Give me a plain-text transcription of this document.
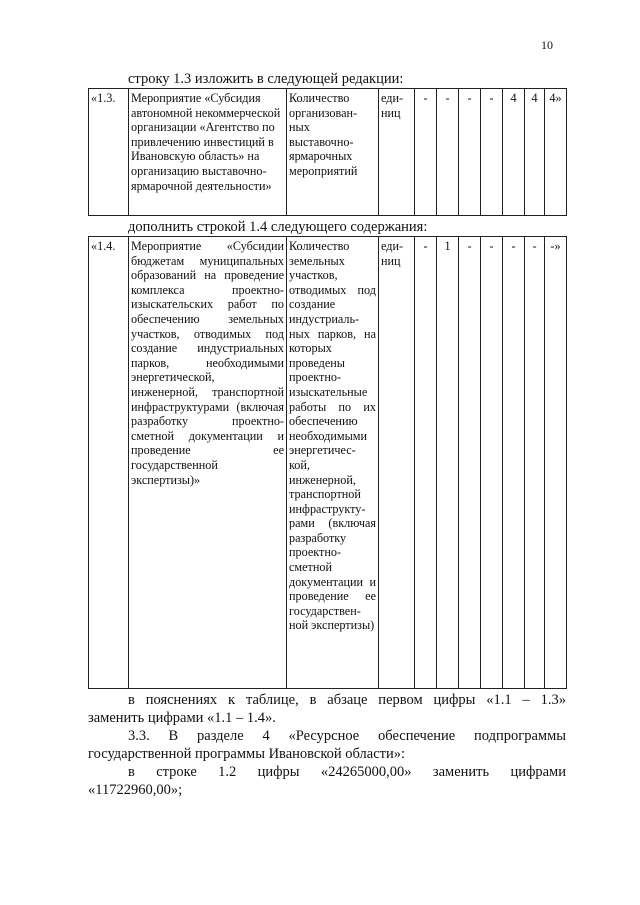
10
строку 1.3 изложить в следующей редакции:
«1.3.	Мероприятие «Субсидия автономной некоммерческой организации «Агентство по привлечению инвестиций в Ивановскую область» на организацию выставочно-ярмарочной деятельности»	Количество организован-ных выставочно-ярмарочных мероприятий	еди-ниц	-	-	-	-	4	4	4»
дополнить строкой 1.4 следующего содержания:
«1.4.	Мероприятие «Субсидии бюджетам муниципальных образований на проведение комплекса проектно-изыскательских работ по обеспечению земельных участков, отводимых под создание индустриальных парков, необходимыми энергетической, инженерной, транспортной инфраструктурами (включая разработку проектно-сметной документации и проведение ее государственной экспертизы)»	Количество земельных участков, отводимых под создание индустриаль-ных парков, на которых проведены проектно-изыскательные работы по их обеспечению необходимыми энергетичес-кой, инженерной, транспортной инфраструкту-рами (включая разработку проектно-сметной документации и проведение ее государствен-ной экспертизы)	еди-ниц	-	1	-	-	-	-	-»
в пояснениях к таблице, в абзаце первом цифры «1.1 – 1.3»
заменить цифрами «1.1 – 1.4».
3.3. В разделе 4 «Ресурсное обеспечение подпрограммы
государственной программы Ивановской области»:
в строке 1.2 цифры «24265000,00» заменить цифрами
«11722960,00»;
